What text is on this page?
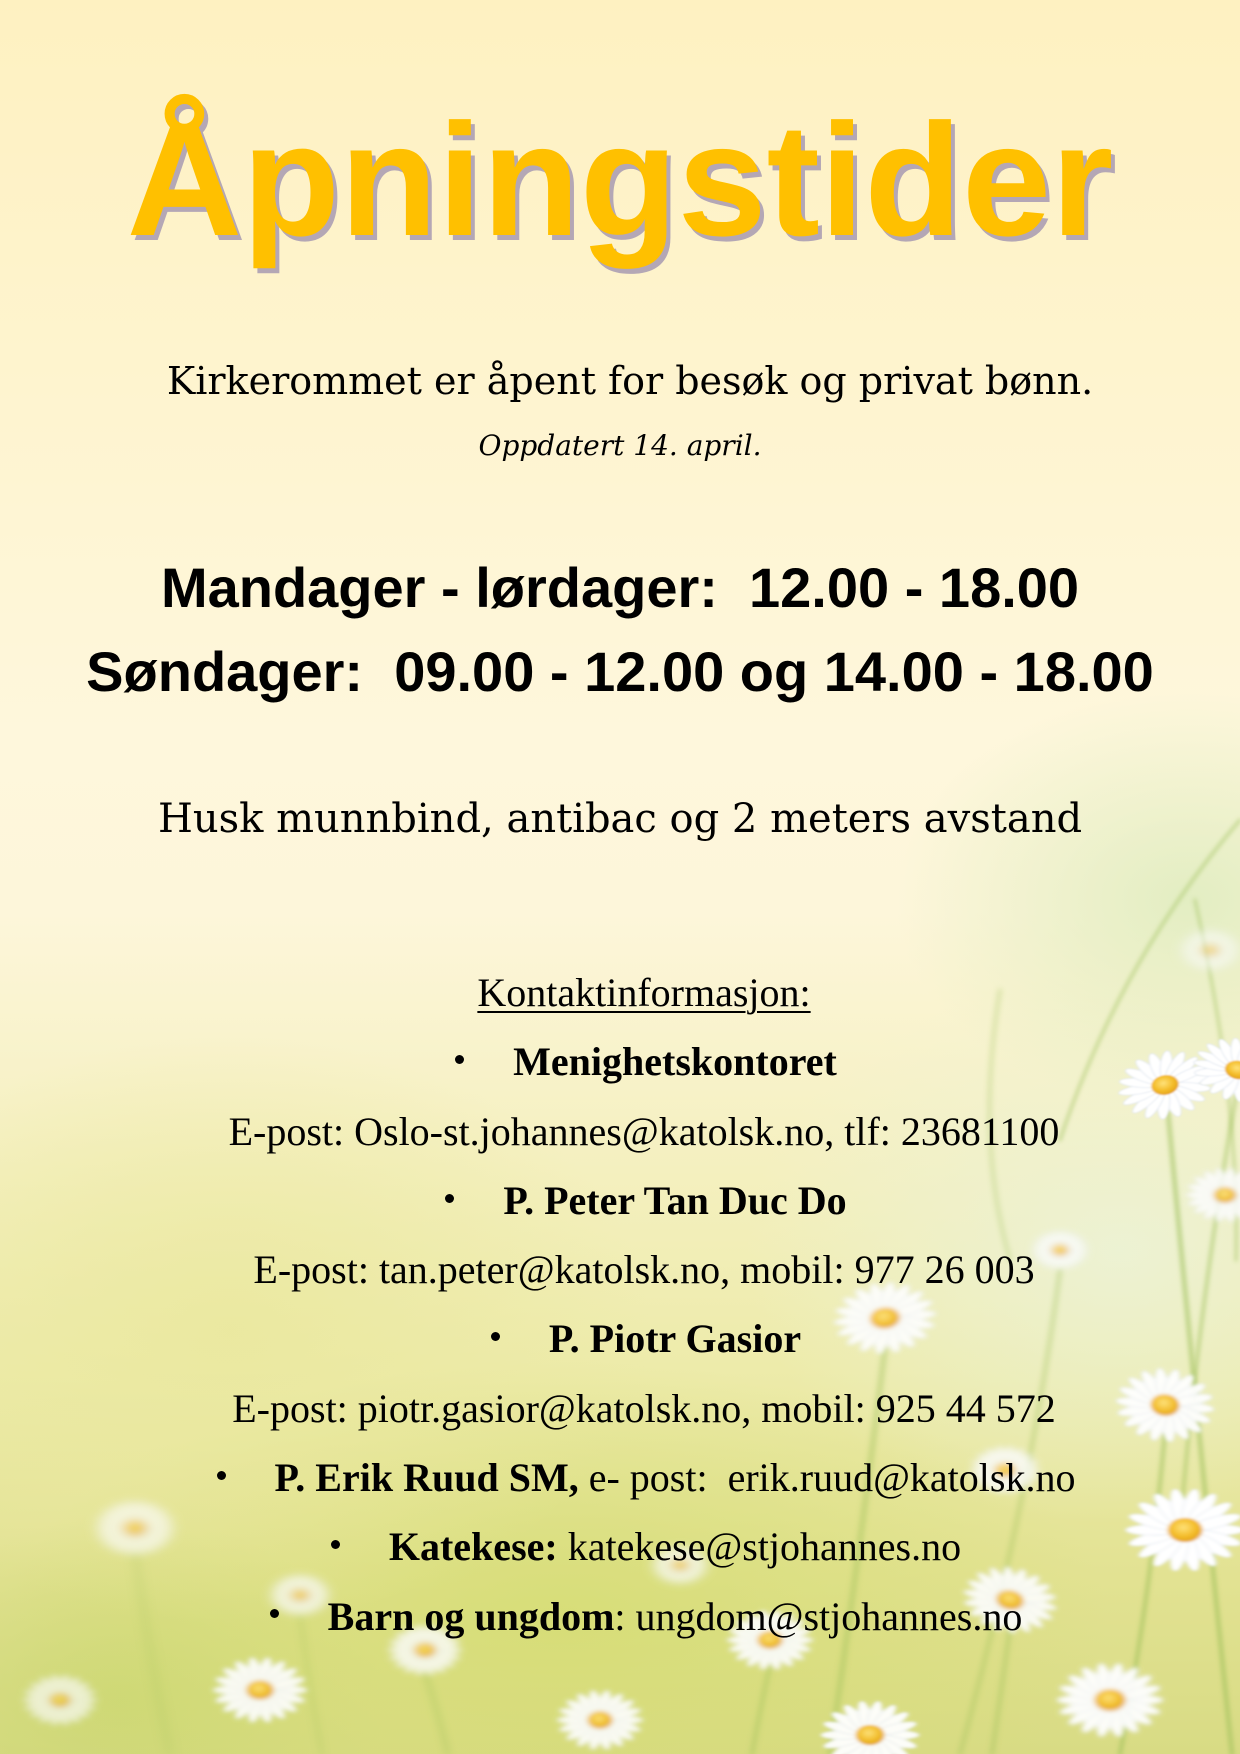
Åpningstider

Kirkerommet er åpent for besøk og privat bønn.

Oppdatert 14. april.

Mandager - lørdager:  12.00 - 18.00

Søndager:  09.00 - 12.00 og 14.00 - 18.00

Husk munnbind, antibac og 2 meters avstand

Kontaktinformasjon:
Menighetskontoret
E-post: Oslo-st.johannes@katolsk.no, tlf: 23681100
P. Peter Tan Duc Do
E-post: tan.peter@katolsk.no, mobil: 977 26 003
P. Piotr Gasior
E-post: piotr.gasior@katolsk.no, mobil: 925 44 572
P. Erik Ruud SM, e- post:  erik.ruud@katolsk.no
Katekese: katekese@stjohannes.no
Barn og ungdom: ungdom@stjohannes.no
